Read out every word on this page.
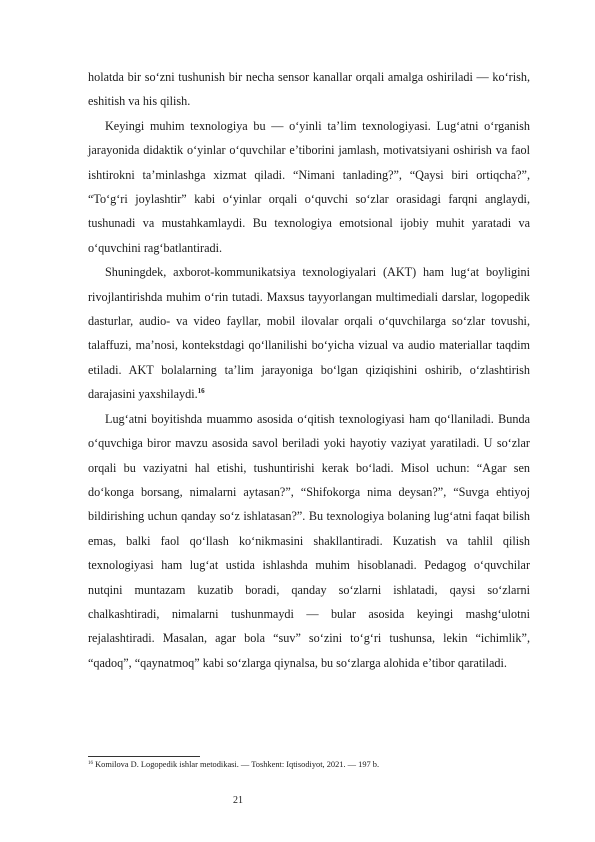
holatda bir so‘zni tushunish bir necha sensor kanallar orqali amalga oshiriladi — ko‘rish, eshitish va his qilish.

Keyingi muhim texnologiya bu — o‘yinli ta’lim texnologiyasi. Lug‘atni o‘rganish jarayonida didaktik o‘yinlar o‘quvchilar e’tiborini jamlash, motivatsiyani oshirish va faol ishtirokni ta’minlashga xizmat qiladi. “Nimani tanlading?”, “Qaysi biri ortiqcha?”, “To‘g‘ri joylashtir” kabi o‘yinlar orqali o‘quvchi so‘zlar orasidagi farqni anglaydi, tushunadi va mustahkamlaydi. Bu texnologiya emotsional ijobiy muhit yaratadi va o‘quvchini rag‘batlantiradi.

Shuningdek, axborot-kommunikatsiya texnologiyalari (AKT) ham lug‘at boyligini rivojlantirishda muhim o‘rin tutadi. Maxsus tayyorlangan multimediali darslar, logopedik dasturlar, audio- va video fayllar, mobil ilovalar orqali o‘quvchilarga so‘zlar tovushi, talaffuzi, ma’nosi, kontekstdagi qo‘llanilishi bo‘yicha vizual va audio materiallar taqdim etiladi. AKT bolalarning ta’lim jarayoniga bo‘lgan qiziqishini oshirib, o‘zlashtirish darajasini yaxshilaydi.$^{16}$

Lug‘atni boyitishda muammo asosida o‘qitish texnologiyasi ham qo‘llaniladi. Bunda o‘quvchiga biror mavzu asosida savol beriladi yoki hayotiy vaziyat yaratiladi. U so‘zlar orqali bu vaziyatni hal etishi, tushuntirishi kerak bo‘ladi. Misol uchun: “Agar sen do‘konga borsang, nimalarni aytasan?”, “Shifokorga nima deysan?”, “Suvga ehtiyoj bildirishing uchun qanday so‘z ishlatasan?”. Bu texnologiya bolaning lug‘atni faqat bilish emas, balki faol qo‘llash ko‘nikmasini shakllantiradi. Kuzatish va tahlil qilish texnologiyasi ham lug‘at ustida ishlashda muhim hisoblanadi. Pedagog o‘quvchilar nutqini muntazam kuzatib boradi, qanday so‘zlarni ishlatadi, qaysi so‘zlarni chalkashtiradi, nimalarni tushunmaydi — bular asosida keyingi mashg‘ulotni rejalashtiradi. Masalan, agar bola “suv” so‘zini to‘g‘ri tushunsa, lekin “ichimlik”, “qadoq”, “qaynatmoq” kabi so‘zlarga qiynalsa, bu so‘zlarga alohida e’tibor qaratiladi.

$^{16}$ Komilova D. Logopedik ishlar metodikasi. — Toshkent: Iqtisodiyot, 2021. — 197 b.
21
